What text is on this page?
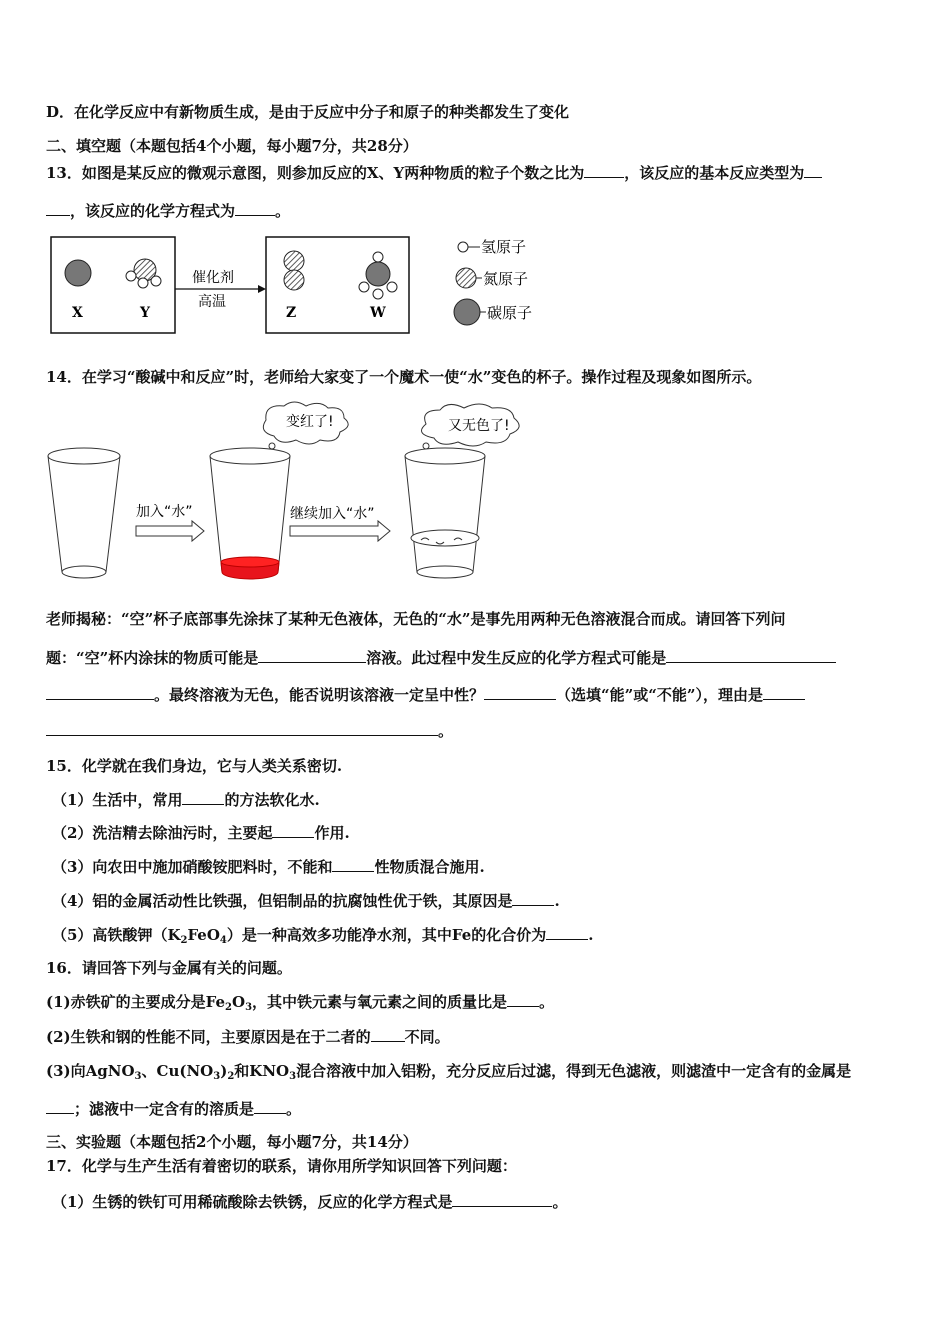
D．在化学反应中有新物质生成，是由于反应中分子和原子的种类都发生了变化
二、填空题（本题包括4个小题，每小题7分，共28分）
13．如图是某反应的微观示意图，则参加反应的X、Y两种物质的粒子个数之比为	，该反应的基本反应类型为
，该反应的化学方程式为	。
X	Y
催化剂
高温
Z	W
氢原子
氮原子
碳原子
14．在学习“酸碱中和反应”时，老师给大家变了一个魔术一使“水”变色的杯子。操作过程及现象如图所示。
加入“水”
变红了!
继续加入“水”
又无色了!
老师揭秘：“空”杯子底部事先涂抹了某种无色液体，无色的“水”是事先用两种无色溶液混合而成。请回答下列问
题：“空”杯内涂抹的物质可能是	溶液。此过程中发生反应的化学方程式可能是
。最终溶液为无色，能否说明该溶液一定呈中性？	（选填“能”或“不能”），理由是
。
15．化学就在我们身边，它与人类关系密切.
（1）生活中，常用	的方法软化水.
（2）洗洁精去除油污时，主要起	作用.
（3）向农田中施加硝酸铵肥料时，不能和	性物质混合施用.
（4）铝的金属活动性比铁强，但铝制品的抗腐蚀性优于铁，其原因是	.
（5）高铁酸钾$(K_2FeO_4)$是一种高效多功能净水剂，其中Fe的化合价为	.
16．请回答下列与金属有关的问题。
(1)赤铁矿的主要成分是$Fe_2O_3$，其中铁元素与氧元素之间的质量比是 。
(2)生铁和钢的性能不同，主要原因是在于二者的 不同。
(3)向AgNO$_3$、$Cu(NO_3)_2$和$KNO_3$混合溶液中加入铝粉，充分反应后过滤，得到无色滤液，则滤渣中一定含有的金属是
；滤液中一定含有的溶质是 。
三、实验题（本题包括2个小题，每小题7分，共14分）
17．化学与生产生活有着密切的联系，请你用所学知识回答下列问题：
（1）生锈的铁钉可用稀硫酸除去铁锈，反应的化学方程式是	。
